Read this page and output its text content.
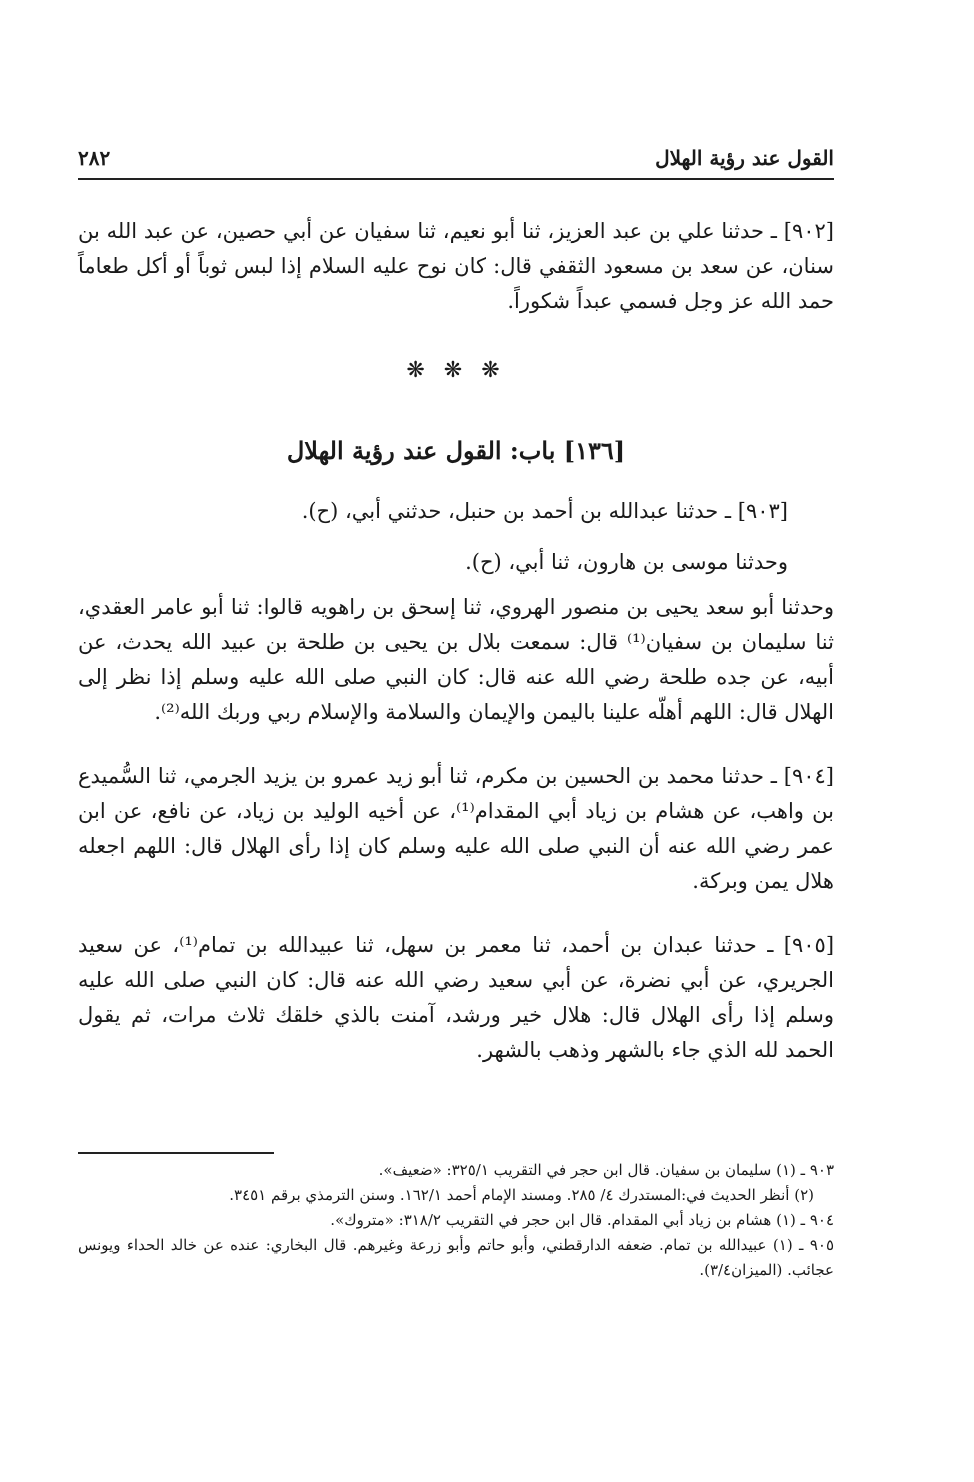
القول عند رؤية الهلال
٢٨٢

[٩٠٢] ـ حدثنا علي بن عبد العزيز، ثنا أبو نعيم، ثنا سفيان عن أبي حصين، عن عبد الله بن سنان، عن سعد بن مسعود الثقفي قال: كان نوح عليه السلام إذا لبس ثوباً أو أكل طعاماً حمد الله عز وجل فسمي عبداً شكوراً.

❋ ❋ ❋
[١٣٦] باب: القول عند رؤية الهلال

[٩٠٣] ـ حدثنا عبدالله بن أحمد بن حنبل، حدثني أبي، (ح).

وحدثنا موسى بن هارون، ثنا أبي، (ح).

وحدثنا أبو سعد يحيى بن منصور الهروي، ثنا إسحق بن راهويه قالوا: ثنا أبو عامر العقدي، ثنا سليمان بن سفيان⁽¹⁾ قال: سمعت بلال بن يحيى بن طلحة بن عبيد الله يحدث، عن أبيه، عن جده طلحة رضي الله عنه قال: كان النبي صلى الله عليه وسلم إذا نظر إلى الهلال قال: اللهم أهلّه علينا باليمن والإيمان والسلامة والإسلام ربي وربك الله⁽²⁾.

[٩٠٤] ـ حدثنا محمد بن الحسين بن مكرم، ثنا أبو زيد عمرو بن يزيد الجرمي، ثنا السُّميدع بن واهب، عن هشام بن زياد أبي المقدام⁽¹⁾، عن أخيه الوليد بن زياد، عن نافع، عن ابن عمر رضي الله عنه أن النبي صلى الله عليه وسلم كان إذا رأى الهلال قال: اللهم اجعله هلال يمن وبركة.

[٩٠٥] ـ حدثنا عبدان بن أحمد، ثنا معمر بن سهل، ثنا عبيدالله بن تمام⁽¹⁾، عن سعيد الجريري، عن أبي نضرة، عن أبي سعيد رضي الله عنه قال: كان النبي صلى الله عليه وسلم إذا رأى الهلال قال: هلال خير ورشد، آمنت بالذي خلقك ثلاث مرات، ثم يقول الحمد لله الذي جاء بالشهر وذهب بالشهر.

٩٠٣ ـ (١) سليمان بن سفيان. قال ابن حجر في التقريب ٣٢٥/١: «ضعيف».

(٢) أنظر الحديث في:المستدرك ٤/ ٢٨٥. ومسند الإمام أحمد ١٦٢/١. وسنن الترمذي برقم ٣٤٥١.

٩٠٤ ـ (١) هشام بن زياد أبي المقدام. قال ابن حجر في التقريب ٣١٨/٢: «متروك».

٩٠٥ ـ (١) عبيدالله بن تمام. ضعفه الدارقطني، وأبو حاتم وأبو زرعة وغيرهم. قال البخاري: عنده عن خالد الحداء ويونس عجائب. (الميزان٣/٤).
